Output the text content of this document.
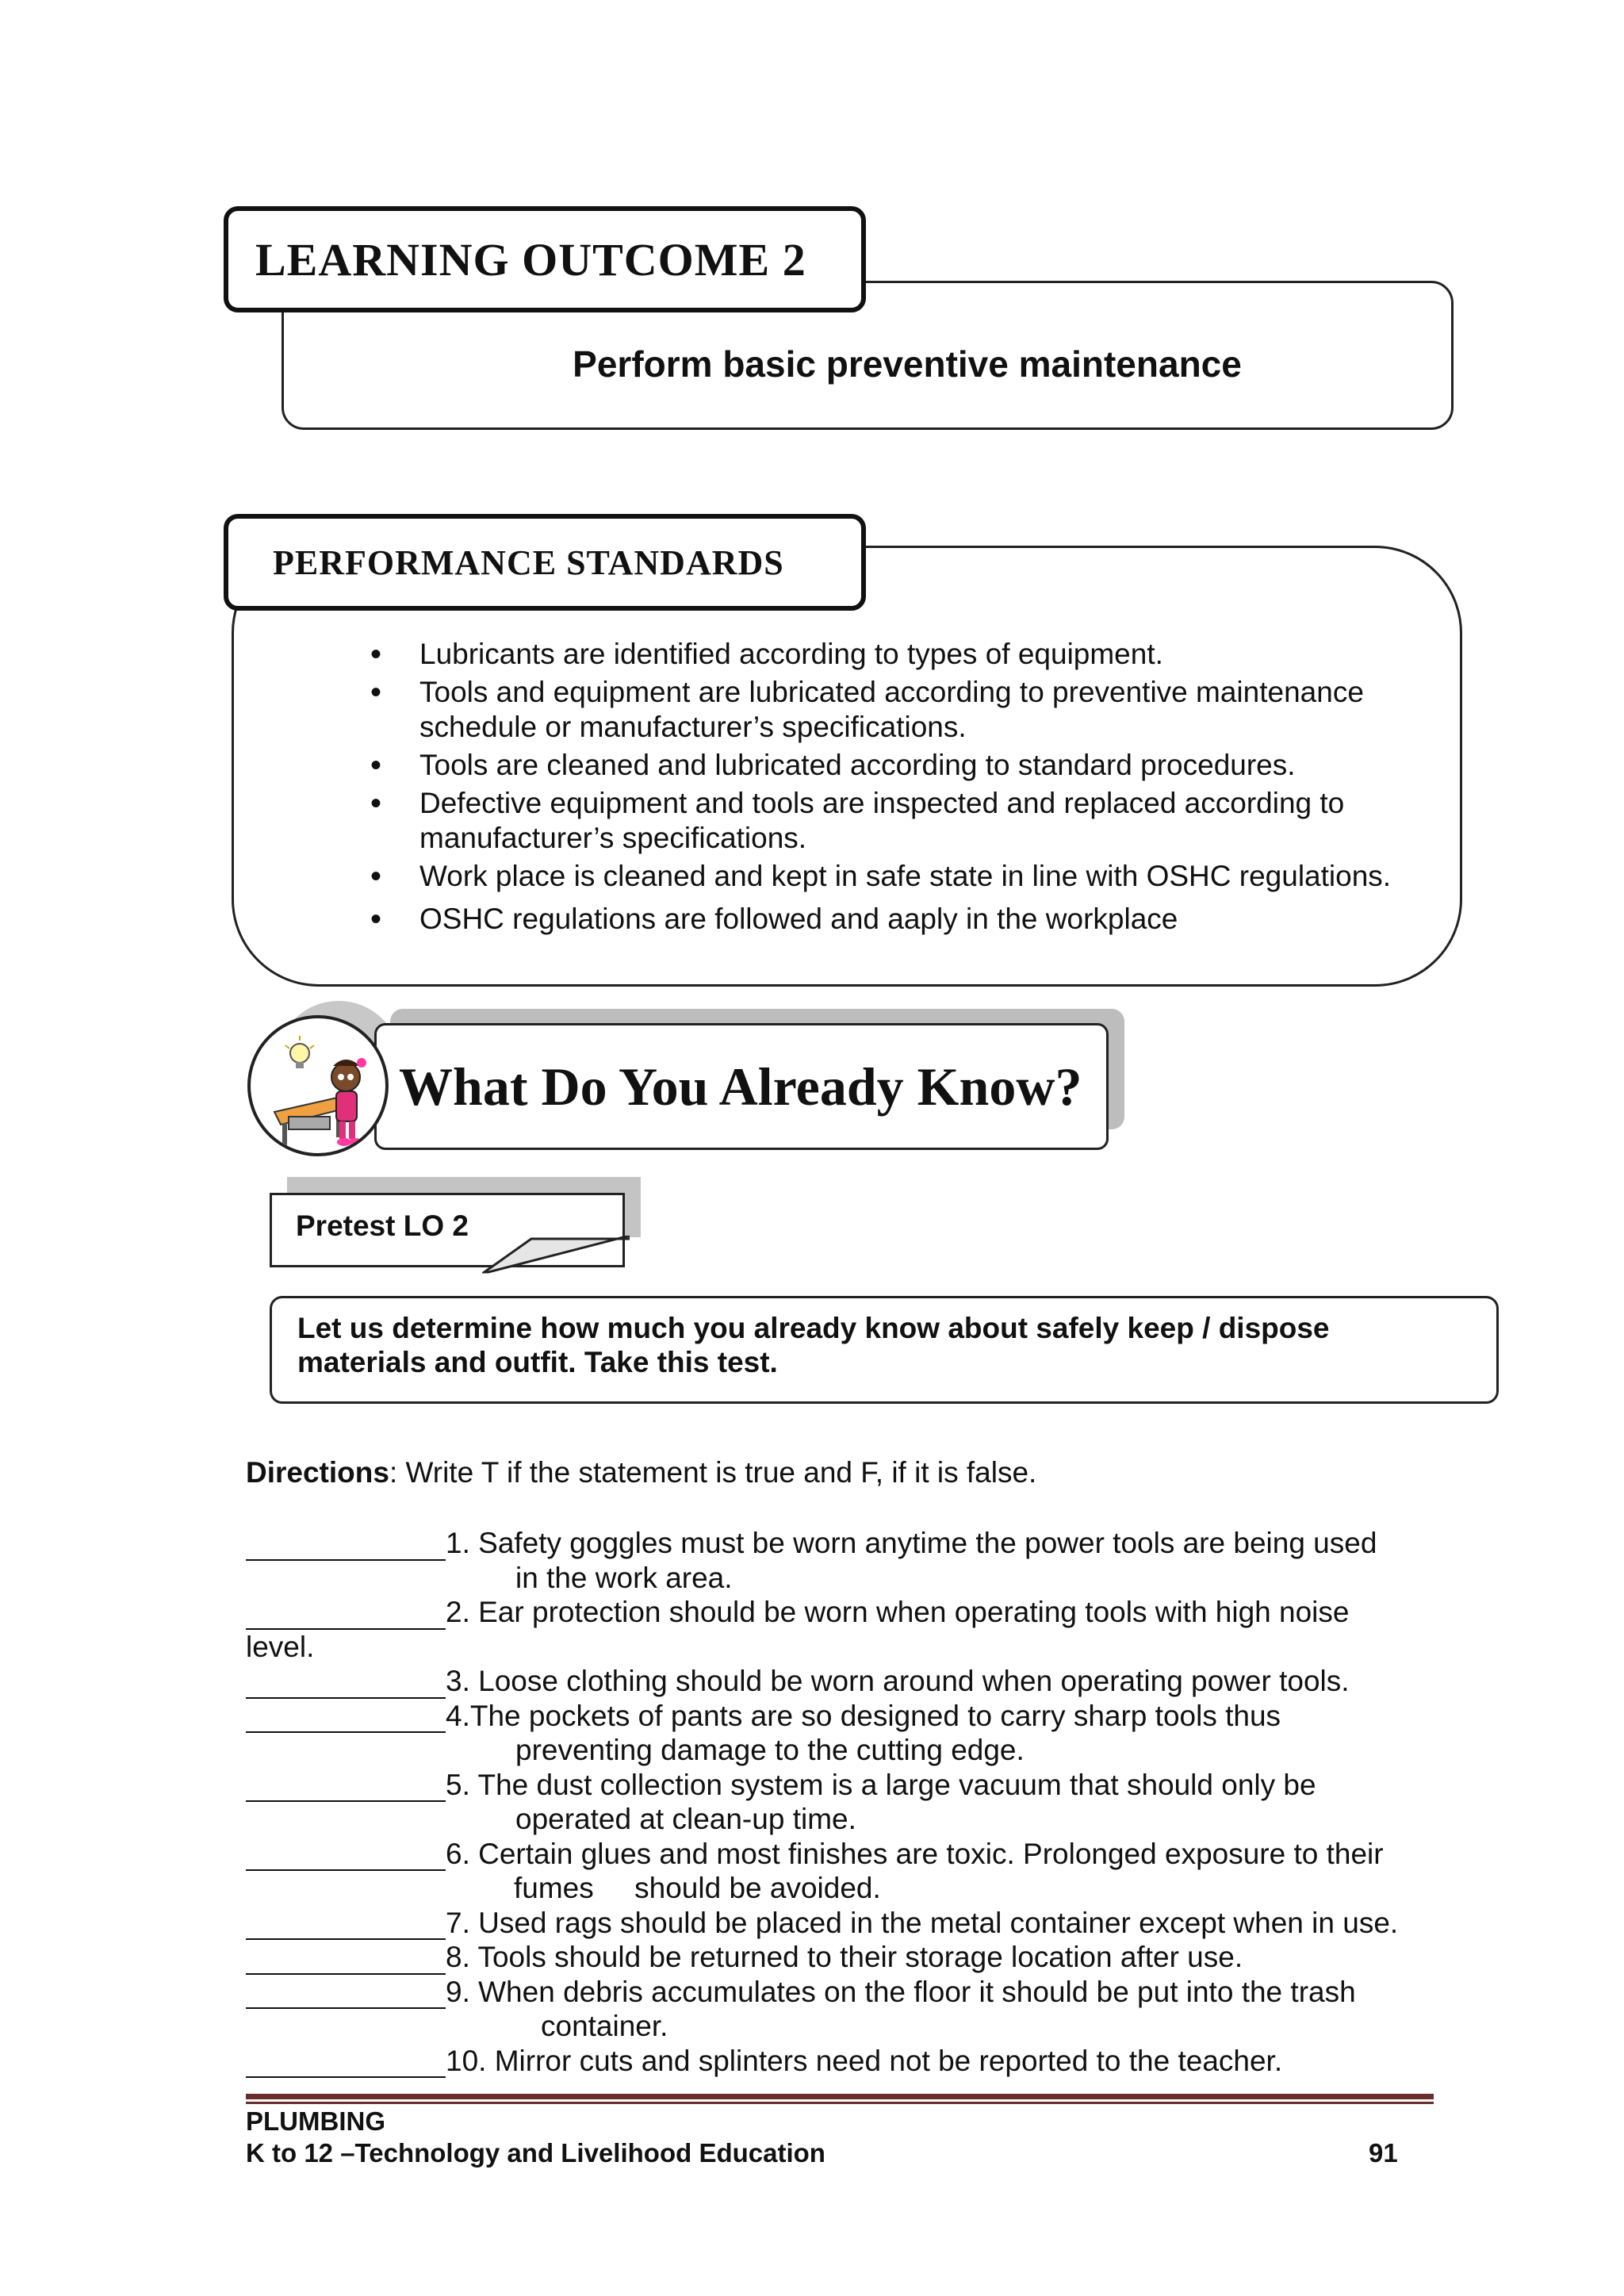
LEARNING OUTCOME 2
Perform basic preventive maintenance
PERFORMANCE STANDARDS
• Lubricants are identified according to types of equipment.
• Tools and equipment are lubricated according to preventive maintenance
schedule or manufacturer’s specifications.
• Tools are cleaned and lubricated according to standard procedures.
• Defective equipment and tools are inspected and replaced according to
manufacturer’s specifications.
• Work place is cleaned and kept in safe state in line with OSHC regulations.
• OSHC regulations are followed and aaply in the workplace
What Do You Already Know?
Pretest LO 2
Let us determine how much you already know about safely keep / dispose
materials and outfit. Take this test.
Directions: Write T if the statement is true and F, if it is false.
1. Safety goggles must be worn anytime the power tools are being used
in the work area.
2. Ear protection should be worn when operating tools with high noise
level.
3. Loose clothing should be worn around when operating power tools.
4.The pockets of pants are so designed to carry sharp tools thus
preventing damage to the cutting edge.
5. The dust collection system is a large vacuum that should only be
operated at clean-up time.
6. Certain glues and most finishes are toxic. Prolonged exposure to their
fumes     should be avoided.
7. Used rags should be placed in the metal container except when in use.
8. Tools should be returned to their storage location after use.
9. When debris accumulates on the floor it should be put into the trash
container.
10. Mirror cuts and splinters need not be reported to the teacher.
PLUMBING
K to 12 –Technology and Livelihood Education	91
